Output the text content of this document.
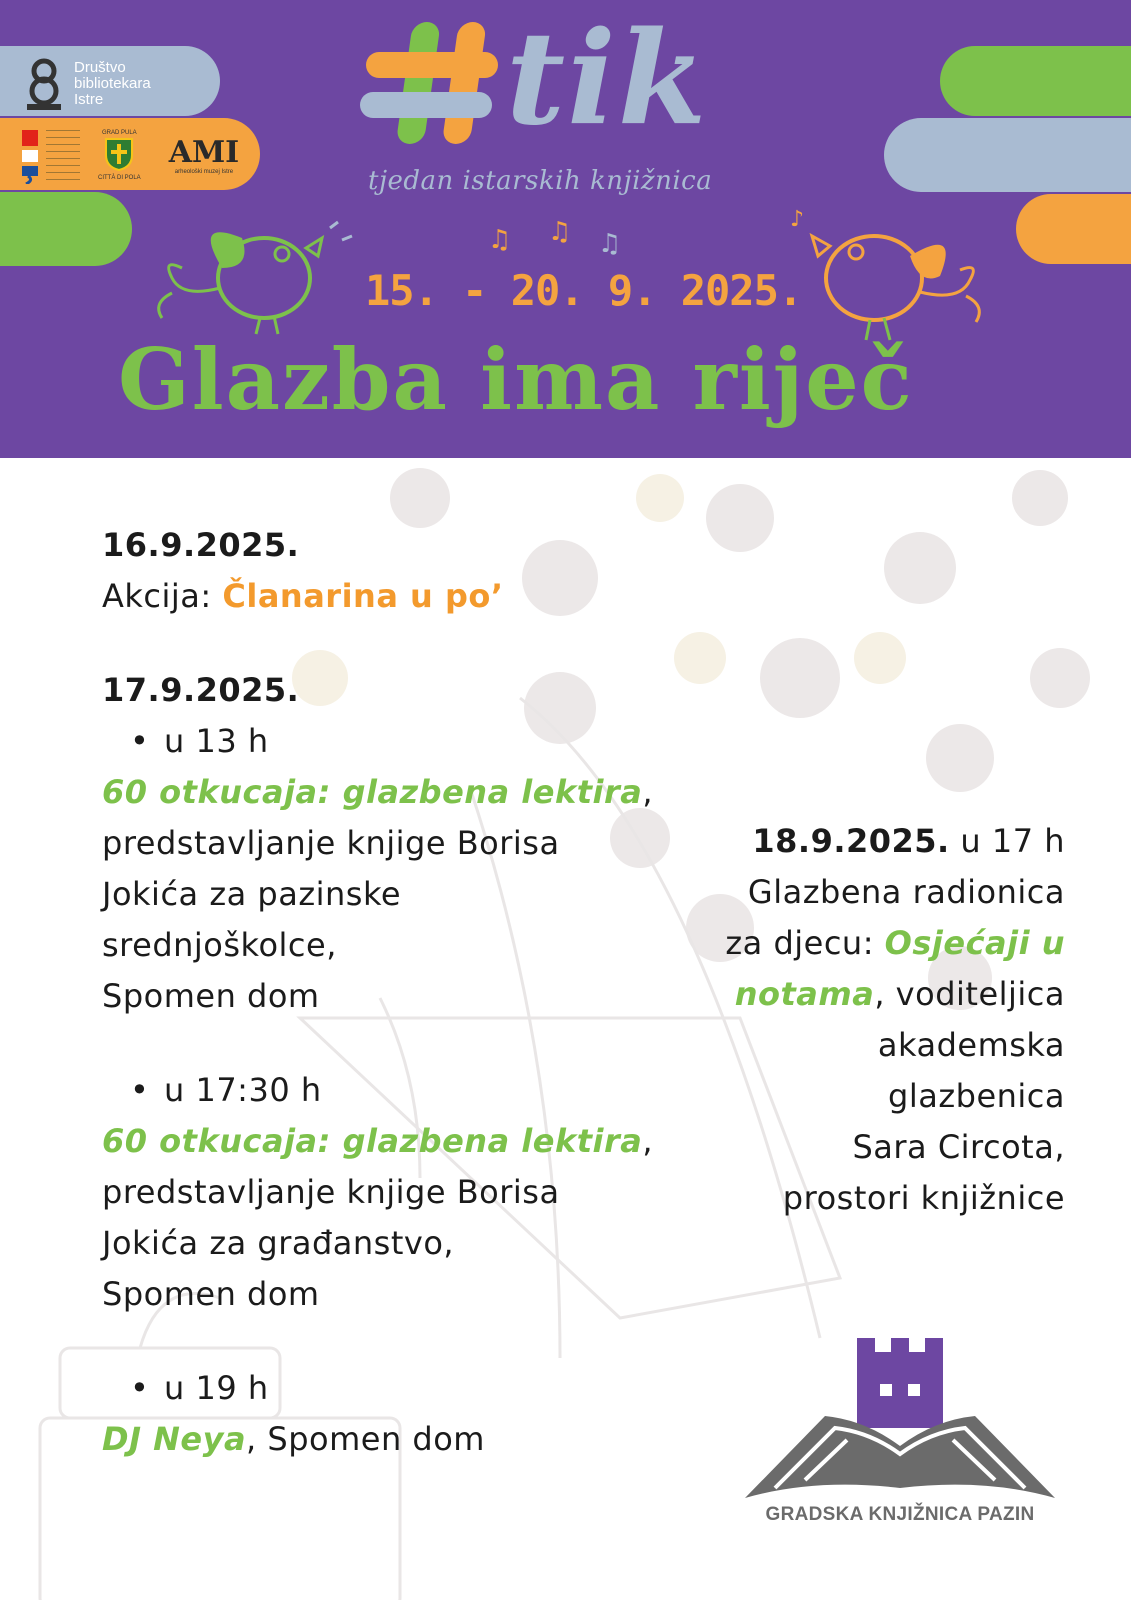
Društvo
bibliotekara
Istre
GRAD PULA
CITTÀ DI POLA
AMI
arheološki muzej Istre
tik
tjedan istarskih knjižnica
♫ ♫ ♫
♪
15. - 20. 9. 2025.
Glazba ima riječ

16.9.2025.

Akcija: Članarina u po’

17.9.2025.

• u 13 h

60 otkucaja: glazbena lektira,

predstavljanje knjige Borisa

Jokića za pazinske

srednjoškolce,

Spomen dom

• u 17:30 h

60 otkucaja: glazbena lektira,

predstavljanje knjige Borisa

Jokića za građanstvo,

Spomen dom

• u 19 h

DJ Neya, Spomen dom

18.9.2025. u 17 h

Glazbena radionica

za djecu: Osjećaji u

notama, voditeljica

akademska

glazbenica

Sara Circota,

prostori knjižnice

GRADSKA KNJIŽNICA PAZIN
